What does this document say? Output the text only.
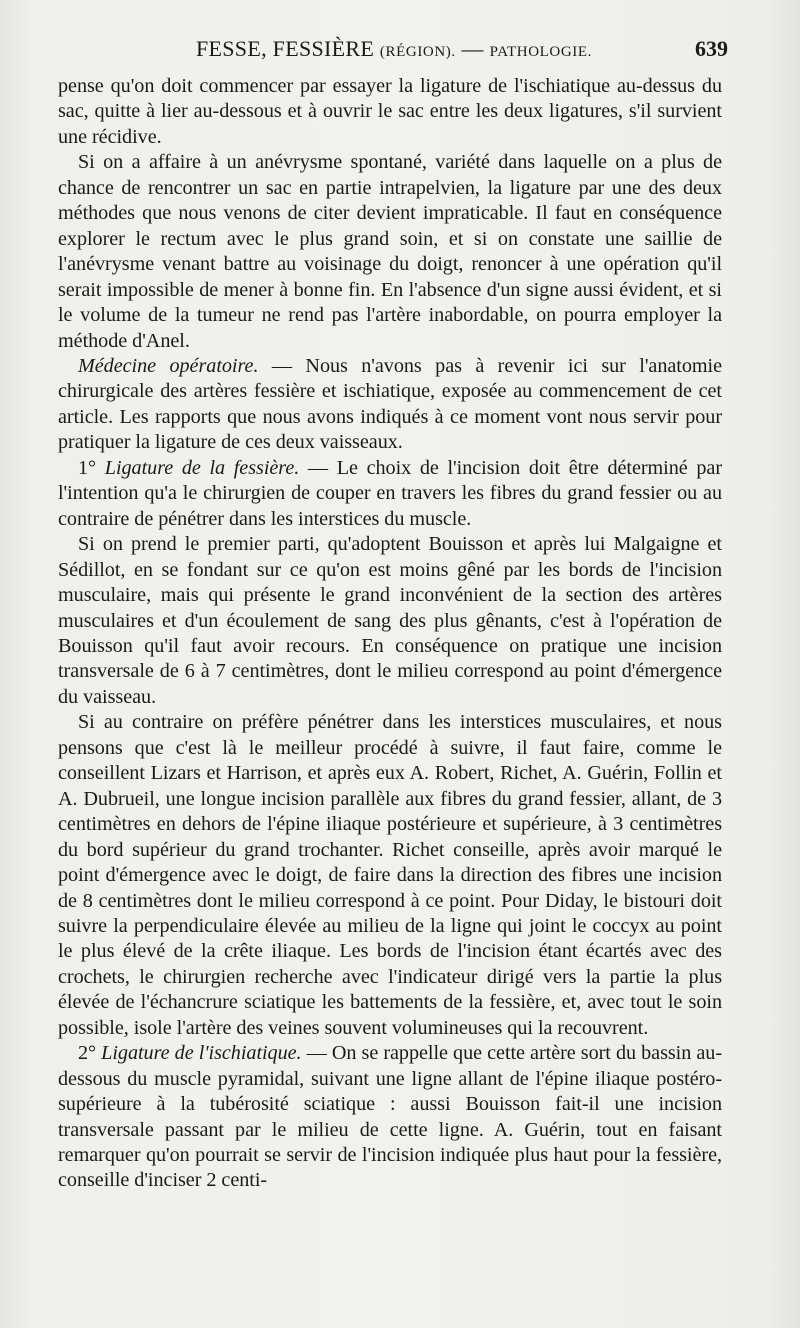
FESSE, FESSIÈRE (RÉGION). — PATHOLOGIE.	639

pense qu'on doit commencer par essayer la ligature de l'ischiatique au-dessus du sac, quitte à lier au-dessous et à ouvrir le sac entre les deux ligatures, s'il survient une récidive.

Si on a affaire à un anévrysme spontané, variété dans laquelle on a plus de chance de rencontrer un sac en partie intrapelvien, la ligature par une des deux méthodes que nous venons de citer devient impraticable. Il faut en conséquence explorer le rectum avec le plus grand soin, et si on constate une saillie de l'anévrysme venant battre au voisinage du doigt, renoncer à une opération qu'il serait impossible de mener à bonne fin. En l'absence d'un signe aussi évident, et si le volume de la tumeur ne rend pas l'artère inabordable, on pourra employer la méthode d'Anel.

Médecine opératoire. — Nous n'avons pas à revenir ici sur l'anatomie chirurgicale des artères fessière et ischiatique, exposée au commencement de cet article. Les rapports que nous avons indiqués à ce moment vont nous servir pour pratiquer la ligature de ces deux vaisseaux.

1° Ligature de la fessière. — Le choix de l'incision doit être déterminé par l'intention qu'a le chirurgien de couper en travers les fibres du grand fessier ou au contraire de pénétrer dans les interstices du muscle.

Si on prend le premier parti, qu'adoptent Bouisson et après lui Malgaigne et Sédillot, en se fondant sur ce qu'on est moins gêné par les bords de l'incision musculaire, mais qui présente le grand inconvénient de la section des artères musculaires et d'un écoulement de sang des plus gênants, c'est à l'opération de Bouisson qu'il faut avoir recours. En conséquence on pratique une incision transversale de 6 à 7 centimètres, dont le milieu correspond au point d'émergence du vaisseau.

Si au contraire on préfère pénétrer dans les interstices musculaires, et nous pensons que c'est là le meilleur procédé à suivre, il faut faire, comme le conseillent Lizars et Harrison, et après eux A. Robert, Richet, A. Guérin, Follin et A. Dubrueil, une longue incision parallèle aux fibres du grand fessier, allant, de 3 centimètres en dehors de l'épine iliaque postérieure et supérieure, à 3 centimètres du bord supérieur du grand trochanter. Richet conseille, après avoir marqué le point d'émergence avec le doigt, de faire dans la direction des fibres une incision de 8 centimètres dont le milieu correspond à ce point. Pour Diday, le bistouri doit suivre la perpendiculaire élevée au milieu de la ligne qui joint le coccyx au point le plus élevé de la crête iliaque. Les bords de l'incision étant écartés avec des crochets, le chirurgien recherche avec l'indicateur dirigé vers la partie la plus élevée de l'échancrure sciatique les battements de la fessière, et, avec tout le soin possible, isole l'artère des veines souvent volumineuses qui la recouvrent.

2° Ligature de l'ischiatique. — On se rappelle que cette artère sort du bassin au-dessous du muscle pyramidal, suivant une ligne allant de l'épine iliaque postéro-supérieure à la tubérosité sciatique : aussi Bouisson fait-il une incision transversale passant par le milieu de cette ligne. A. Guérin, tout en faisant remarquer qu'on pourrait se servir de l'incision indiquée plus haut pour la fessière, conseille d'inciser 2 centi-
